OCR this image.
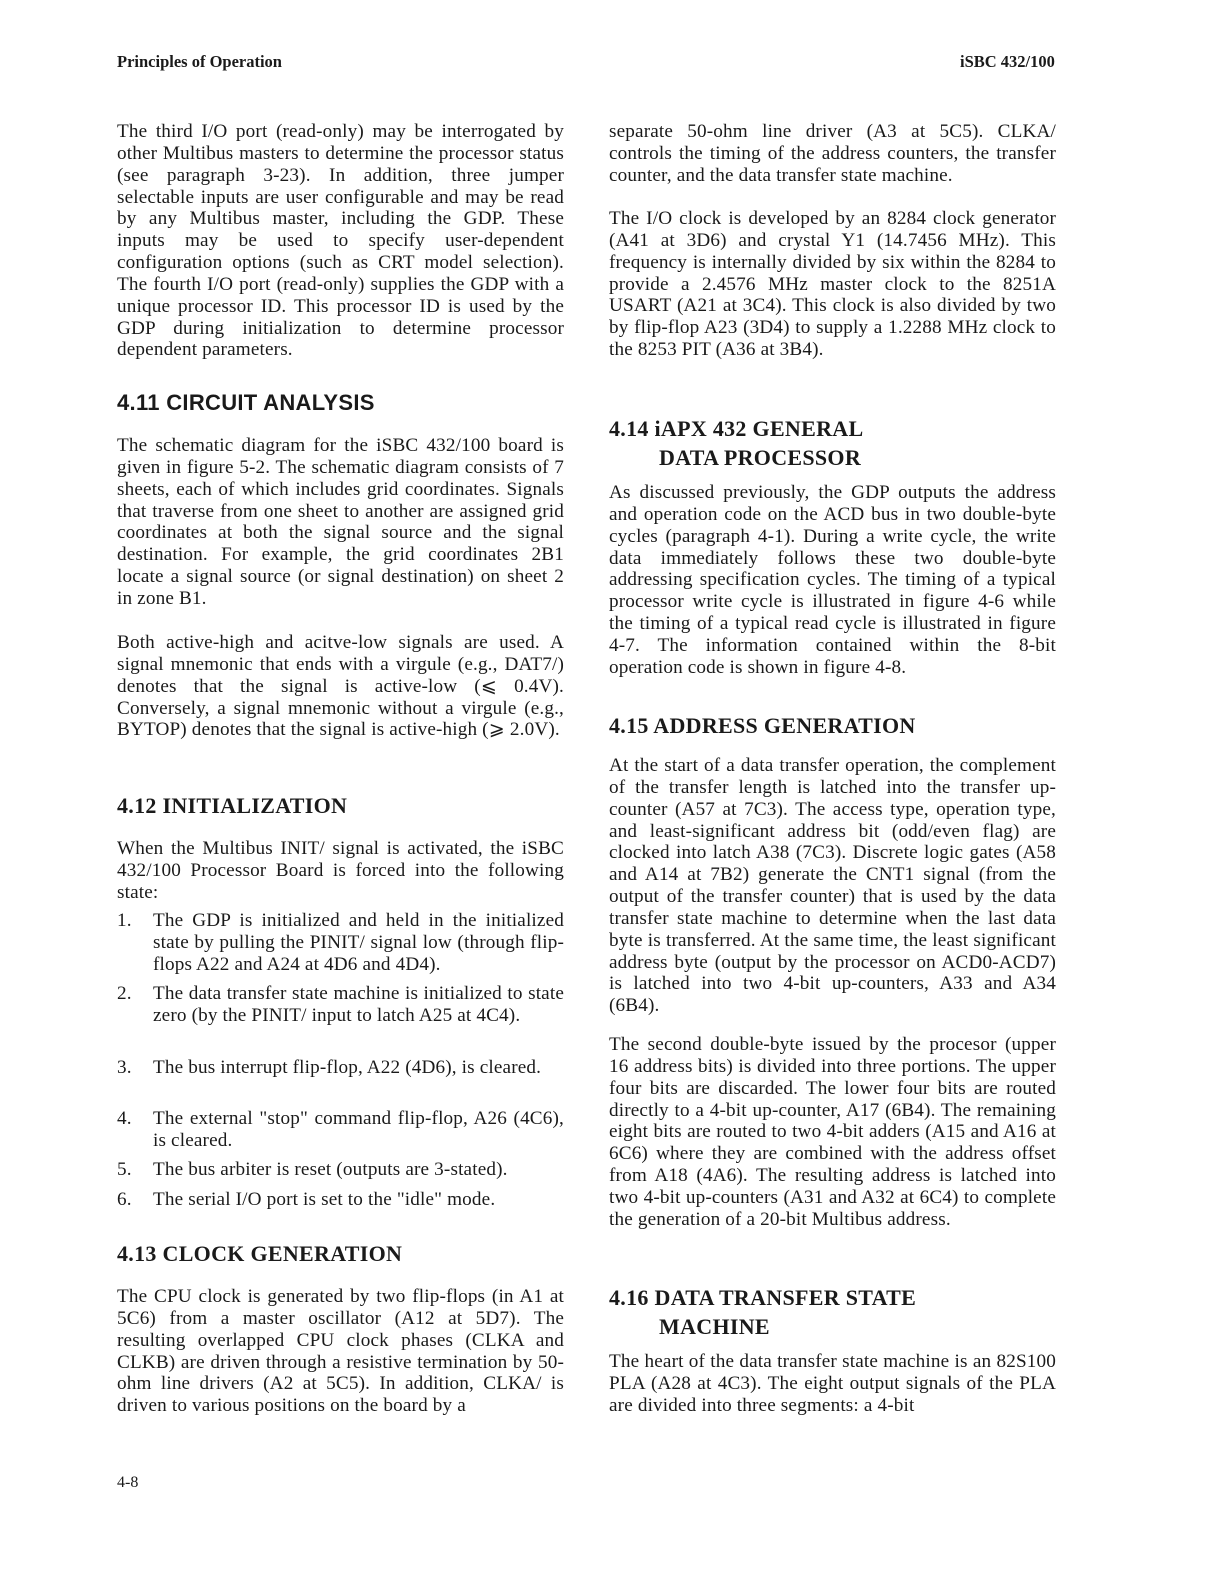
Principles of Operation	iSBC 432/100

The third I/O port (read-only) may be interrogated by other Multibus masters to determine the processor status (see paragraph 3-23). In addition, three jumper selectable inputs are user configurable and may be read by any Multibus master, including the GDP. These inputs may be used to specify user-dependent configuration options (such as CRT model selection). The fourth I/O port (read-only) supplies the GDP with a unique processor ID. This processor ID is used by the GDP during initialization to determine processor dependent parameters.

4.11 CIRCUIT ANALYSIS

The schematic diagram for the iSBC 432/100 board is given in figure 5-2. The schematic diagram consists of 7 sheets, each of which includes grid coordinates. Signals that traverse from one sheet to another are assigned grid coordinates at both the signal source and the signal destination. For example, the grid coordinates 2B1 locate a signal source (or signal destination) on sheet 2 in zone B1.

Both active-high and acitve-low signals are used. A signal mnemonic that ends with a virgule (e.g., DAT7/) denotes that the signal is active-low (⩽ 0.4V). Conversely, a signal mnemonic without a virgule (e.g., BYTOP) denotes that the signal is active-high (⩾ 2.0V).

4.12 INITIALIZATION

When the Multibus INIT/ signal is activated, the iSBC 432/100 Processor Board is forced into the following state:

1. The GDP is initialized and held in the initialized state by pulling the PINIT/ signal low (through flip-flops A22 and A24 at 4D6 and 4D4).
2. The data transfer state machine is initialized to state zero (by the PINIT/ input to latch A25 at 4C4).
3. The bus interrupt flip-flop, A22 (4D6), is cleared.
4. The external "stop" command flip-flop, A26 (4C6), is cleared.
5. The bus arbiter is reset (outputs are 3-stated).
6. The serial I/O port is set to the "idle" mode.
4.13 CLOCK GENERATION

The CPU clock is generated by two flip-flops (in A1 at 5C6) from a master oscillator (A12 at 5D7). The resulting overlapped CPU clock phases (CLKA and CLKB) are driven through a resistive termination by 50-ohm line drivers (A2 at 5C5). In addition, CLKA/ is driven to various positions on the board by a

separate 50-ohm line driver (A3 at 5C5). CLKA/ controls the timing of the address counters, the transfer counter, and the data transfer state machine.

The I/O clock is developed by an 8284 clock generator (A41 at 3D6) and crystal Y1 (14.7456 MHz). This frequency is internally divided by six within the 8284 to provide a 2.4576 MHz master clock to the 8251A USART (A21 at 3C4). This clock is also divided by two by flip-flop A23 (3D4) to supply a 1.2288 MHz clock to the 8253 PIT (A36 at 3B4).

4.14 iAPX 432 GENERAL
DATA PROCESSOR

As discussed previously, the GDP outputs the address and operation code on the ACD bus in two double-byte cycles (paragraph 4-1). During a write cycle, the write data immediately follows these two double-byte addressing specification cycles. The timing of a typical processor write cycle is illustrated in figure 4-6 while the timing of a typical read cycle is illustrated in figure 4-7. The information contained within the 8-bit operation code is shown in figure 4-8.

4.15 ADDRESS GENERATION

At the start of a data transfer operation, the complement of the transfer length is latched into the transfer up-counter (A57 at 7C3). The access type, operation type, and least-significant address bit (odd/even flag) are clocked into latch A38 (7C3). Discrete logic gates (A58 and A14 at 7B2) generate the CNT1 signal (from the output of the transfer counter) that is used by the data transfer state machine to determine when the last data byte is transferred. At the same time, the least significant address byte (output by the processor on ACD0-ACD7) is latched into two 4-bit up-counters, A33 and A34 (6B4).

The second double-byte issued by the procesor (upper 16 address bits) is divided into three portions. The upper four bits are discarded. The lower four bits are routed directly to a 4-bit up-counter, A17 (6B4). The remaining eight bits are routed to two 4-bit adders (A15 and A16 at 6C6) where they are combined with the address offset from A18 (4A6). The resulting address is latched into two 4-bit up-counters (A31 and A32 at 6C4) to complete the generation of a 20-bit Multibus address.

4.16 DATA TRANSFER STATE
MACHINE

The heart of the data transfer state machine is an 82S100 PLA (A28 at 4C3). The eight output signals of the PLA are divided into three segments: a 4-bit

4-8
